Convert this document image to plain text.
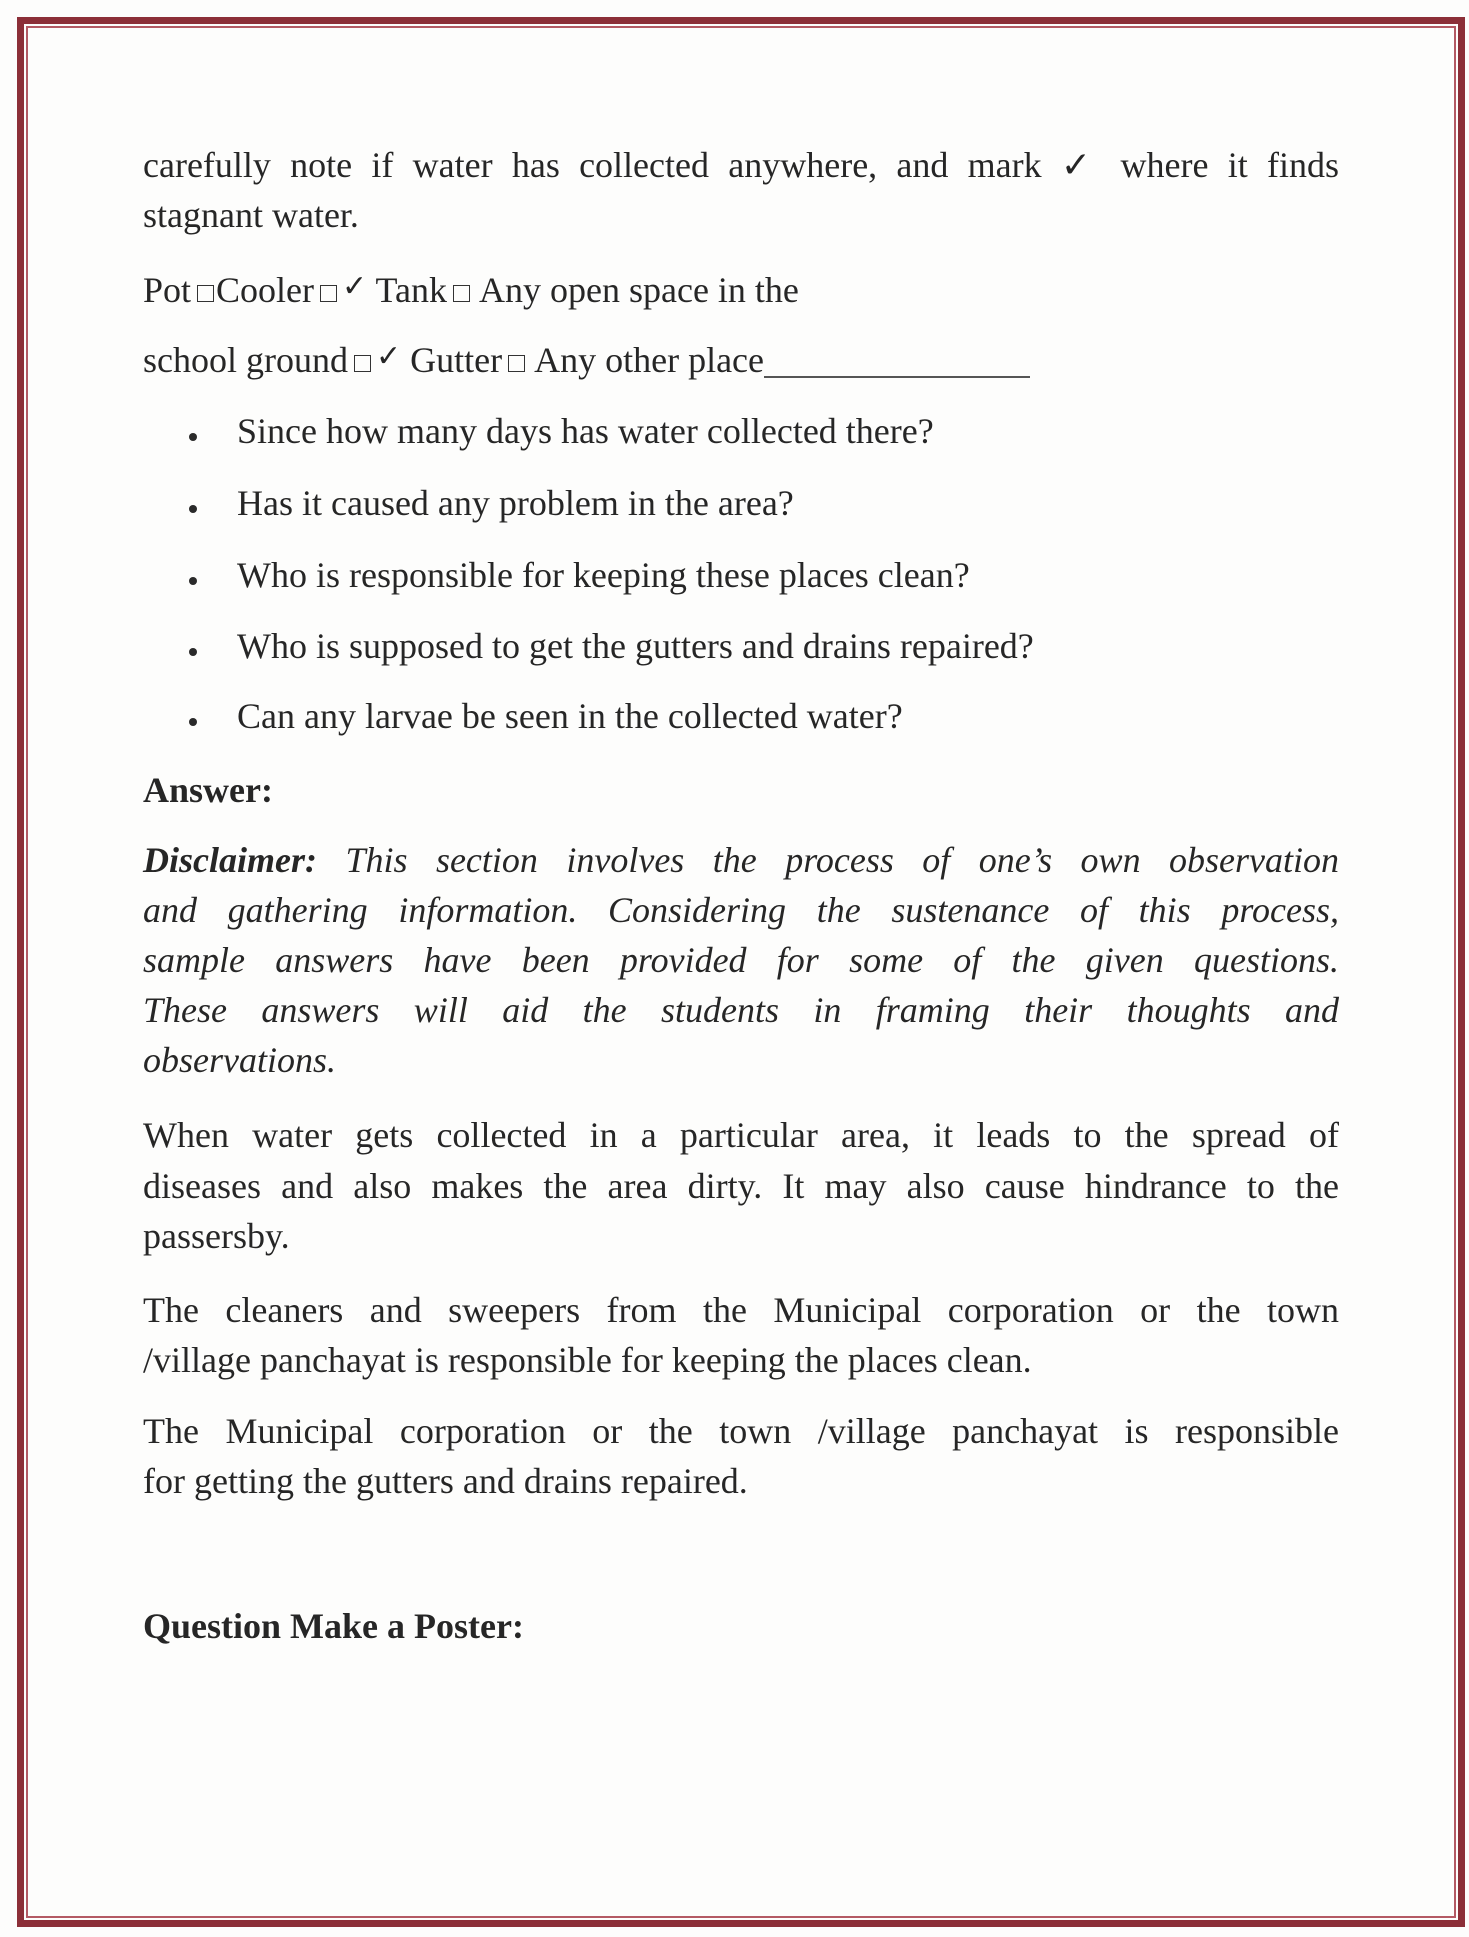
carefully note if water has collected anywhere, and mark ✓ where it finds
stagnant water.
Pot Cooler ✓ Tank Any open space in the
school ground ✓ Gutter Any other place
Since how many days has water collected there?
Has it caused any problem in the area?
Who is responsible for keeping these places clean?
Who is supposed to get the gutters and drains repaired?
Can any larvae be seen in the collected water?
Answer:
Disclaimer: This section involves the process of one’s own observation
and gathering information. Considering the sustenance of this process,
sample answers have been provided for some of the given questions.
These answers will aid the students in framing their thoughts and
observations.
When water gets collected in a particular area, it leads to the spread of
diseases and also makes the area dirty. It may also cause hindrance to the
passersby.
The cleaners and sweepers from the Municipal corporation or the town
/village panchayat is responsible for keeping the places clean.
The Municipal corporation or the town /village panchayat is responsible
for getting the gutters and drains repaired.
Question Make a Poster:
